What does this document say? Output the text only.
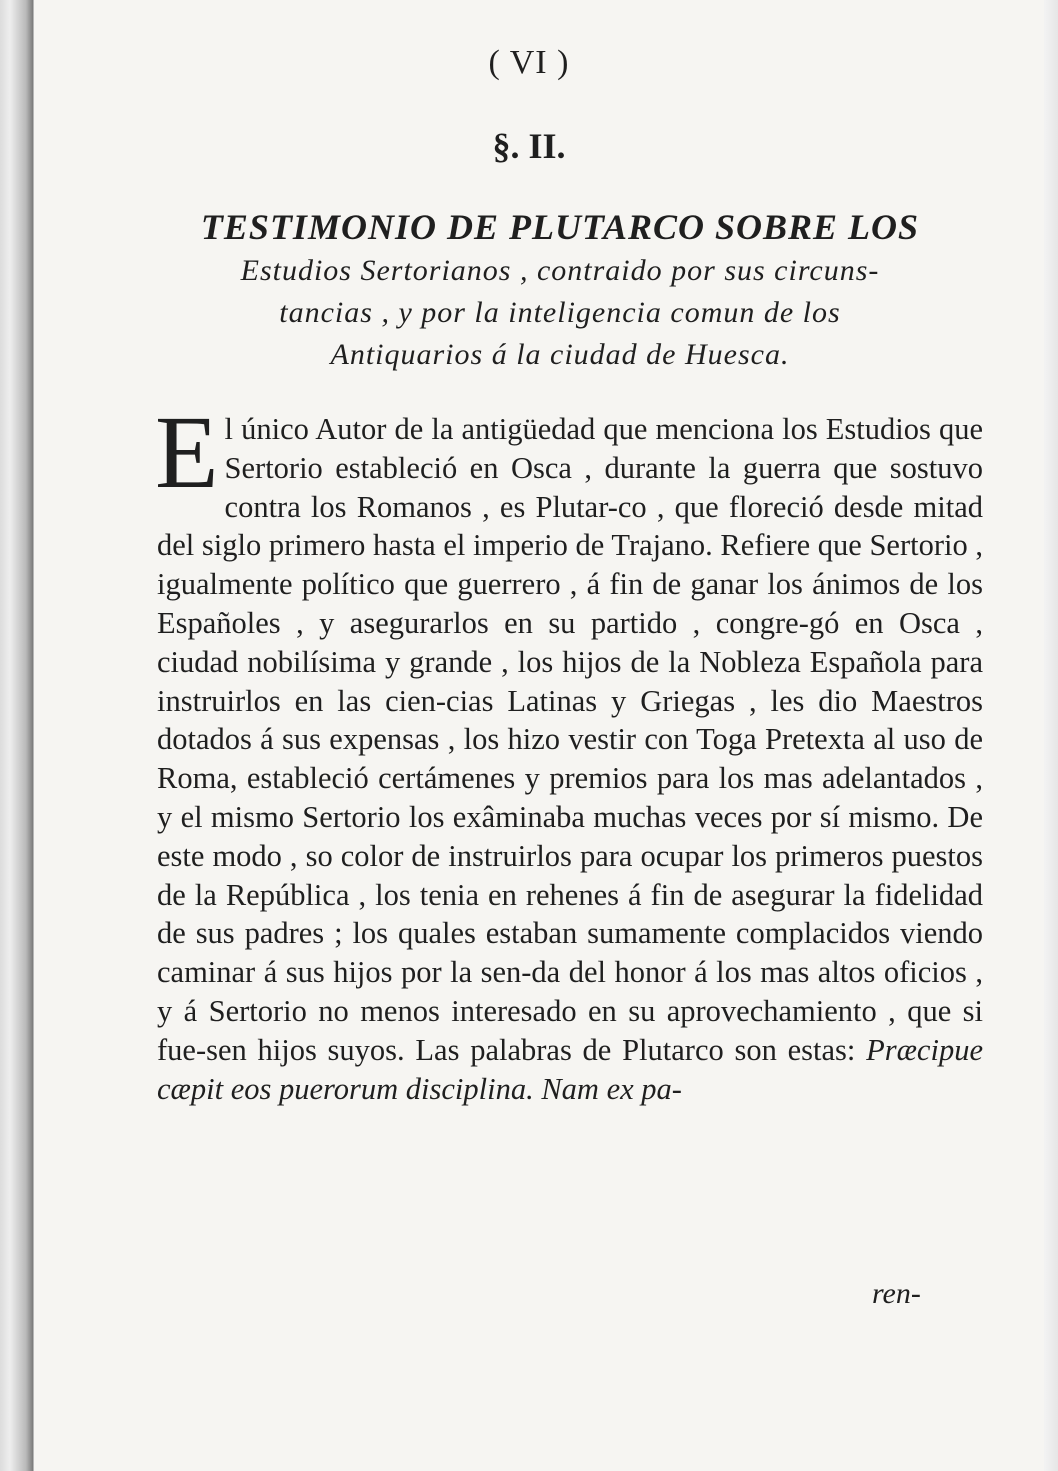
( VI )
§. II.
TESTIMONIO DE PLUTARCO SOBRE LOS
Estudios Sertorianos , contraido por sus circuns-
tancias , y por la inteligencia comun de los
Antiquarios á la ciudad de Huesca.
El único Autor de la antigüedad que menciona los Estudios que Sertorio estableció en Osca , durante la guerra que sostuvo contra los Romanos , es Plutar-co , que floreció desde mitad del siglo primero hasta el imperio de Trajano. Refiere que Sertorio , igualmente político que guerrero , á fin de ganar los ánimos de los Españoles , y asegurarlos en su partido , congre-gó en Osca , ciudad nobilísima y grande , los hijos de la Nobleza Española para instruirlos en las cien-cias Latinas y Griegas , les dio Maestros dotados á sus expensas , los hizo vestir con Toga Pretexta al uso de Roma, estableció certámenes y premios para los mas adelantados , y el mismo Sertorio los exâminaba muchas veces por sí mismo. De este modo , so color de instruirlos para ocupar los primeros puestos de la República , los tenia en rehenes á fin de asegurar la fidelidad de sus padres ; los quales estaban sumamente complacidos viendo caminar á sus hijos por la sen-da del honor á los mas altos oficios , y á Sertorio no menos interesado en su aprovechamiento , que si fue-sen hijos suyos. Las palabras de Plutarco son estas: Præcipue cæpit eos puerorum disciplina. Nam ex pa-
ren-
